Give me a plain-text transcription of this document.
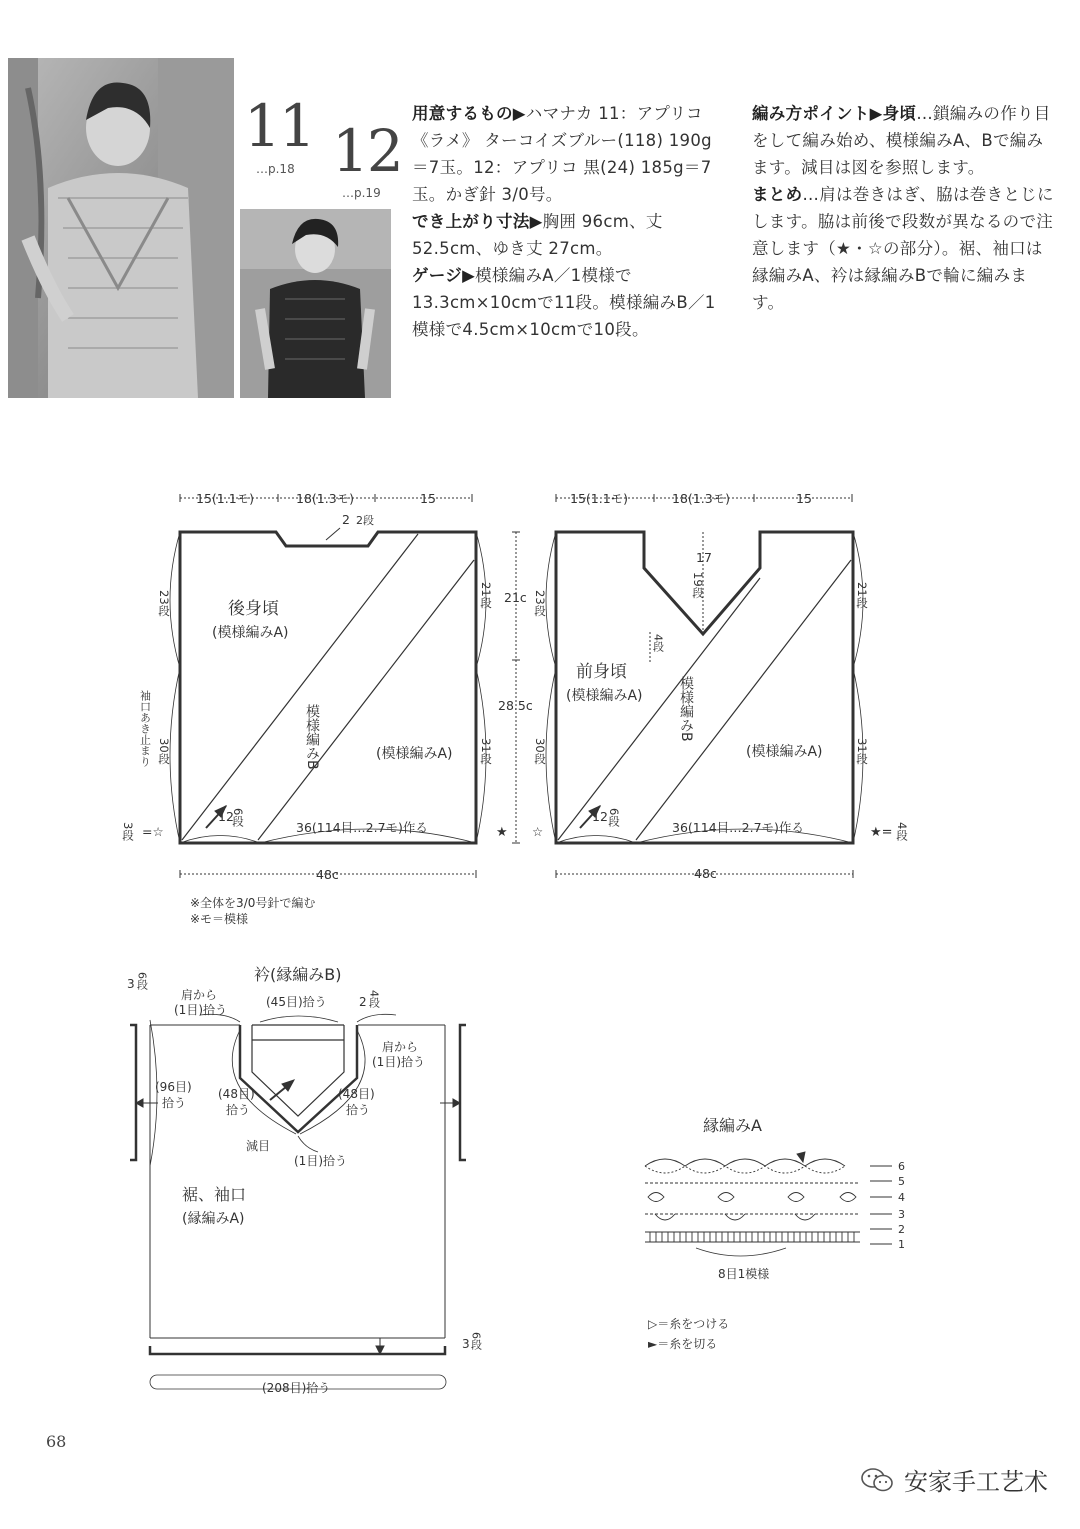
11
…p.18 12
…p.19

用意するもの▶ハマナカ 11：アプリコ《ラメ》 ターコイズブルー(118) 190g＝7玉。12：アプリコ 黒(24) 185g＝7玉。かぎ針 3/0号。

でき上がり寸法▶胸囲 96cm、丈 52.5cm、ゆき丈 27cm。

ゲージ▶模様編みA／1模様で13.3cm×10cmで11段。模様編みB／1模様で4.5cm×10cmで10段。

編み方ポイント▶身頃…鎖編みの作り目をして編み始め、模様編みA、Bで編みます。減目は図を参照します。

まとめ…肩は巻きはぎ、脇は巻きとじにします。脇は前後で段数が異なるので注意します（★・☆の部分）。裾、袖口は縁編みA、衿は縁編みBで輪に編みます。

15(1.1モ)	18(1.3モ)	15
2 2段
後身頃
(模様編みA)
模様編みB	(模様編みA)
23段
30段
袖口あき止まり
21段
31段
21c
28.5c
12
6段
36(114目…2.7モ)作る
3段 =☆	★
48c
15(1.1モ)	18(1.3モ)	15
17
19段
4段
前身頃
(模様編みA)	模様編みB
(模様編みA)
23段
30段
21段
31段
12 6段
36(114目…2.7モ)作る
☆	★= 4段
48c
※全体を3/0号針で編む
※モ＝模様
衿(縁編みB)
3 6段
肩から
(1目)拾う
(45目)拾う	2 4段
肩から
(1目)拾う
(96目)
拾う
(48目)
拾う
(48目)
拾う
減目
(1目)拾う
裾、袖口
(縁編みA)
3 6段
(208目)拾う
縁編みA
6
5
4
3
2
1
8目1模様
▷＝糸をつける
►＝糸を切る
68
安家手工艺术
